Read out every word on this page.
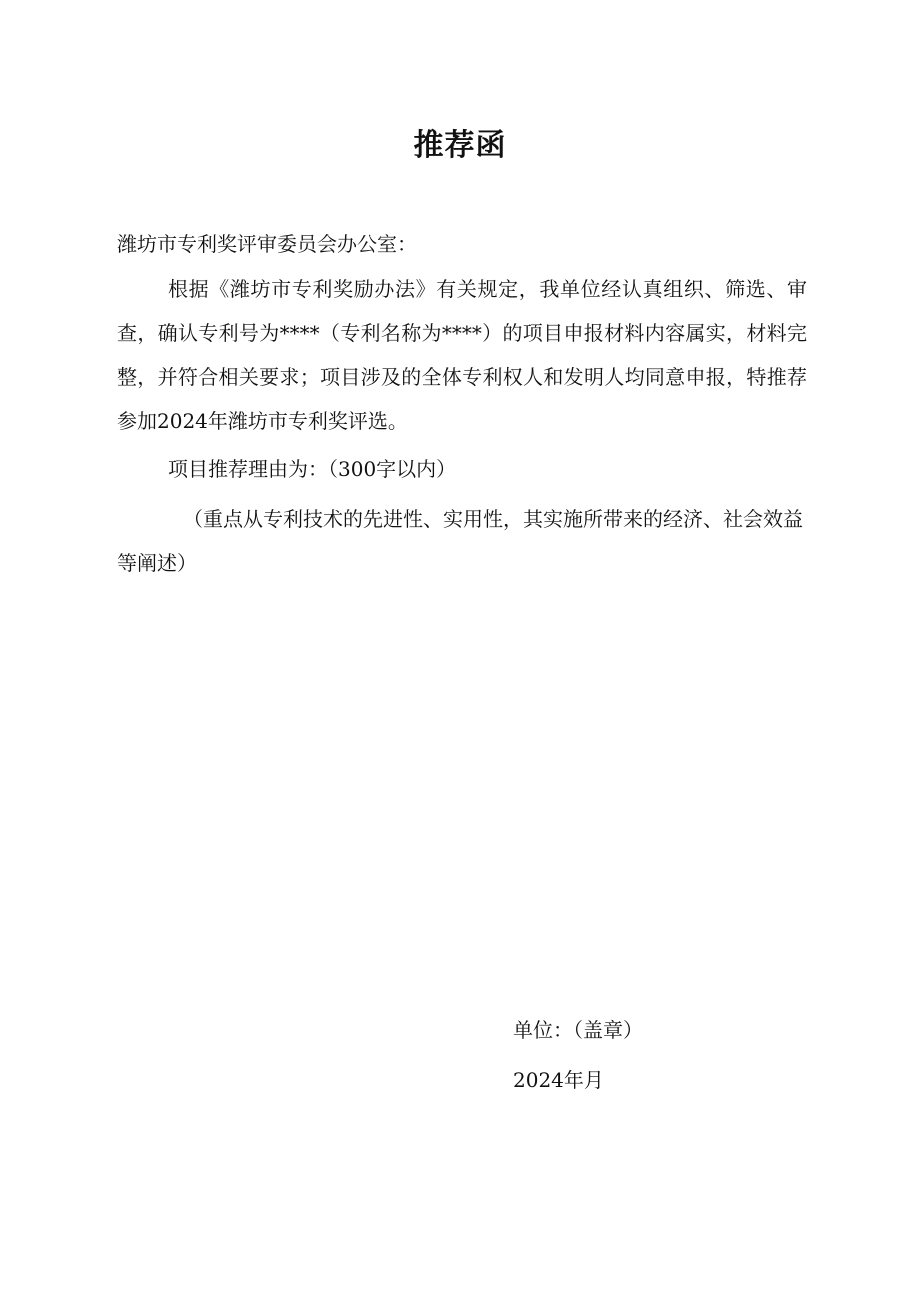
推荐函

潍坊市专利奖评审委员会办公室：

根据《潍坊市专利奖励办法》有关规定，我单位经认真组织、筛选、审查，确认专利号为****（专利名称为****）的项目申报材料内容属实，材料完整，并符合相关要求；项目涉及的全体专利权人和发明人均同意申报，特推荐参加2024年潍坊市专利奖评选。

项目推荐理由为：（300字以内）

（重点从专利技术的先进性、实用性，其实施所带来的经济、社会效益等阐述）

单位：（盖章）
2024年月
